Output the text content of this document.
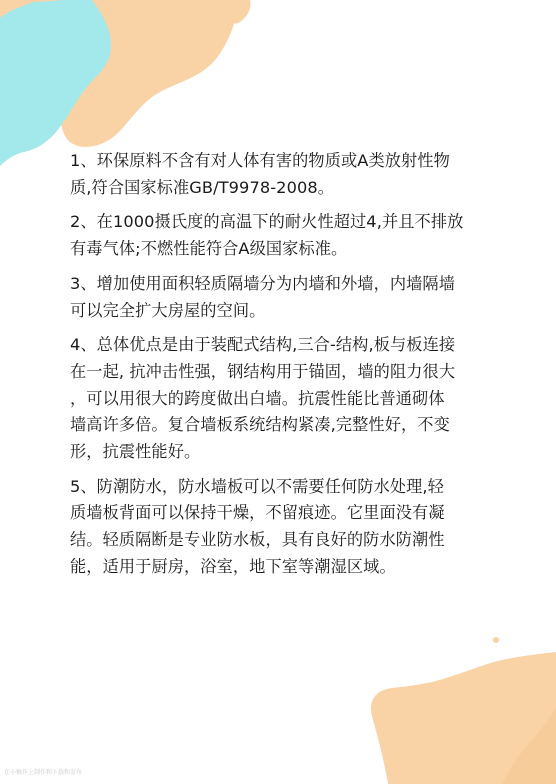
1、环保原料不含有对人体有害的物质或A类放射性物
质,符合国家标准GB/T9978-2008。

2、在1000摄氏度的高温下的耐火性超过4,并且不排放
有毒气体;不燃性能符合A级国家标准。

3、增加使用面积轻质隔墙分为内墙和外墙，内墙隔墙
可以完全扩大房屋的空间。

4、总体优点是由于装配式结构,三合-结构,板与板连接
在一起, 抗冲击性强，钢结构用于锚固，墙的阻力很大
，可以用很大的跨度做出白墙。抗震性能比普通砌体
墙高许多倍。复合墙板系统结构紧凑,完整性好，不变
形，抗震性能好。

5、防潮防水，防水墙板可以不需要任何防水处理,轻
质墙板背面可以保持干燥，不留痕迹。它里面没有凝
结。轻质隔断是专业防水板，具有良好的防水防潮性
能，适用于厨房，浴室，地下室等潮湿区域。

在小稿作上制作和下载和发布
